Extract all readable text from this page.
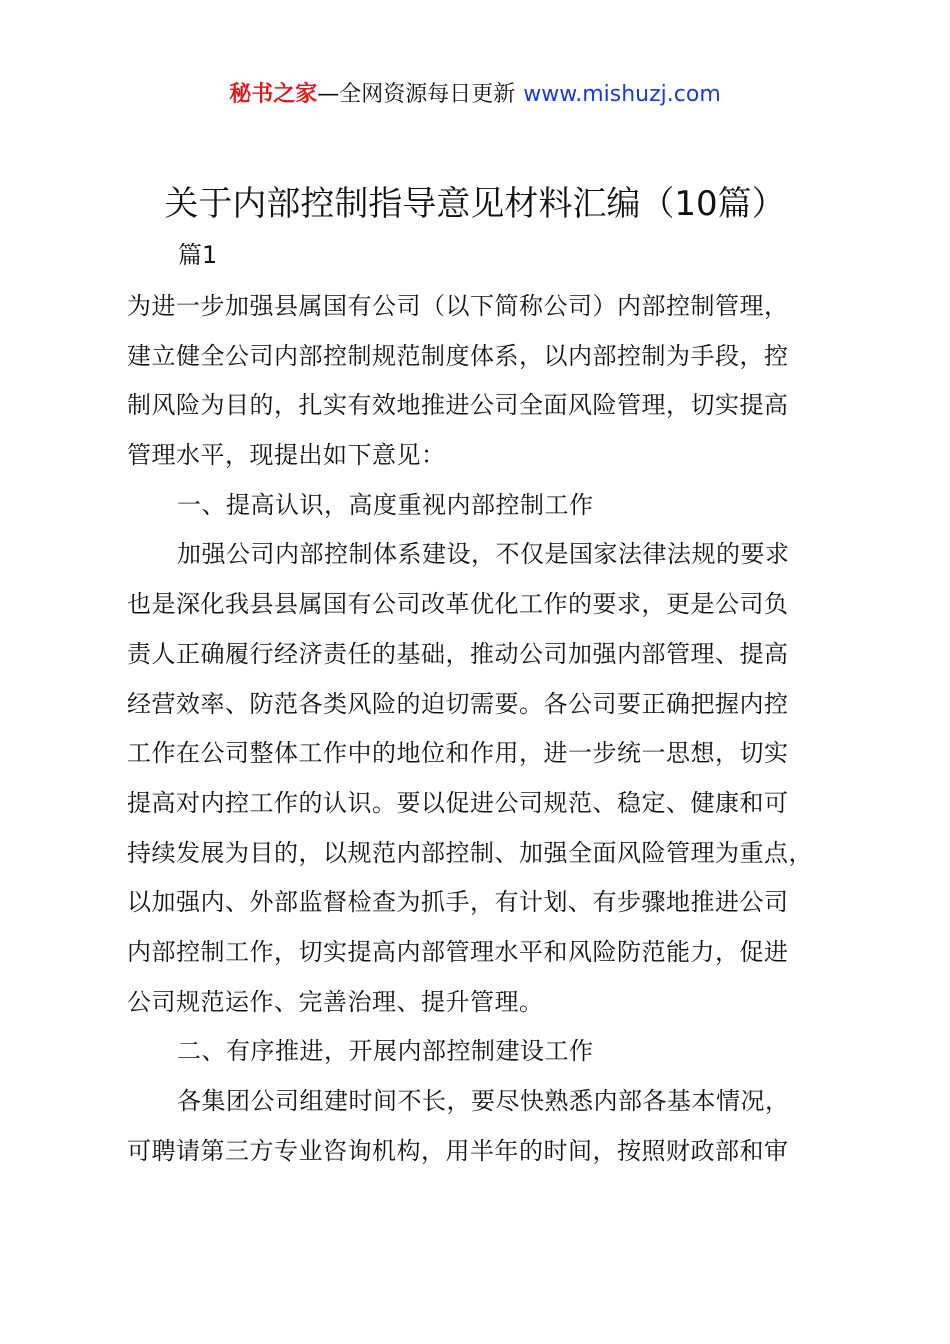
秘书之家—全网资源每日更新 www.mishuzj.com
关于内部控制指导意见材料汇编（10篇）
篇1
为进一步加强县属国有公司（以下简称公司）内部控制管理，
建立健全公司内部控制规范制度体系，以内部控制为手段，控
制风险为目的，扎实有效地推进公司全面风险管理，切实提高
管理水平，现提出如下意见：
一、提高认识，高度重视内部控制工作
加强公司内部控制体系建设，不仅是国家法律法规的要求
也是深化我县县属国有公司改革优化工作的要求，更是公司负
责人正确履行经济责任的基础，推动公司加强内部管理、提高
经营效率、防范各类风险的迫切需要。各公司要正确把握内控
工作在公司整体工作中的地位和作用，进一步统一思想，切实
提高对内控工作的认识。要以促进公司规范、稳定、健康和可
持续发展为目的，以规范内部控制、加强全面风险管理为重点，
以加强内、外部监督检查为抓手，有计划、有步骤地推进公司
内部控制工作，切实提高内部管理水平和风险防范能力，促进
公司规范运作、完善治理、提升管理。
二、有序推进，开展内部控制建设工作
各集团公司组建时间不长，要尽快熟悉内部各基本情况，
可聘请第三方专业咨询机构，用半年的时间，按照财政部和审
